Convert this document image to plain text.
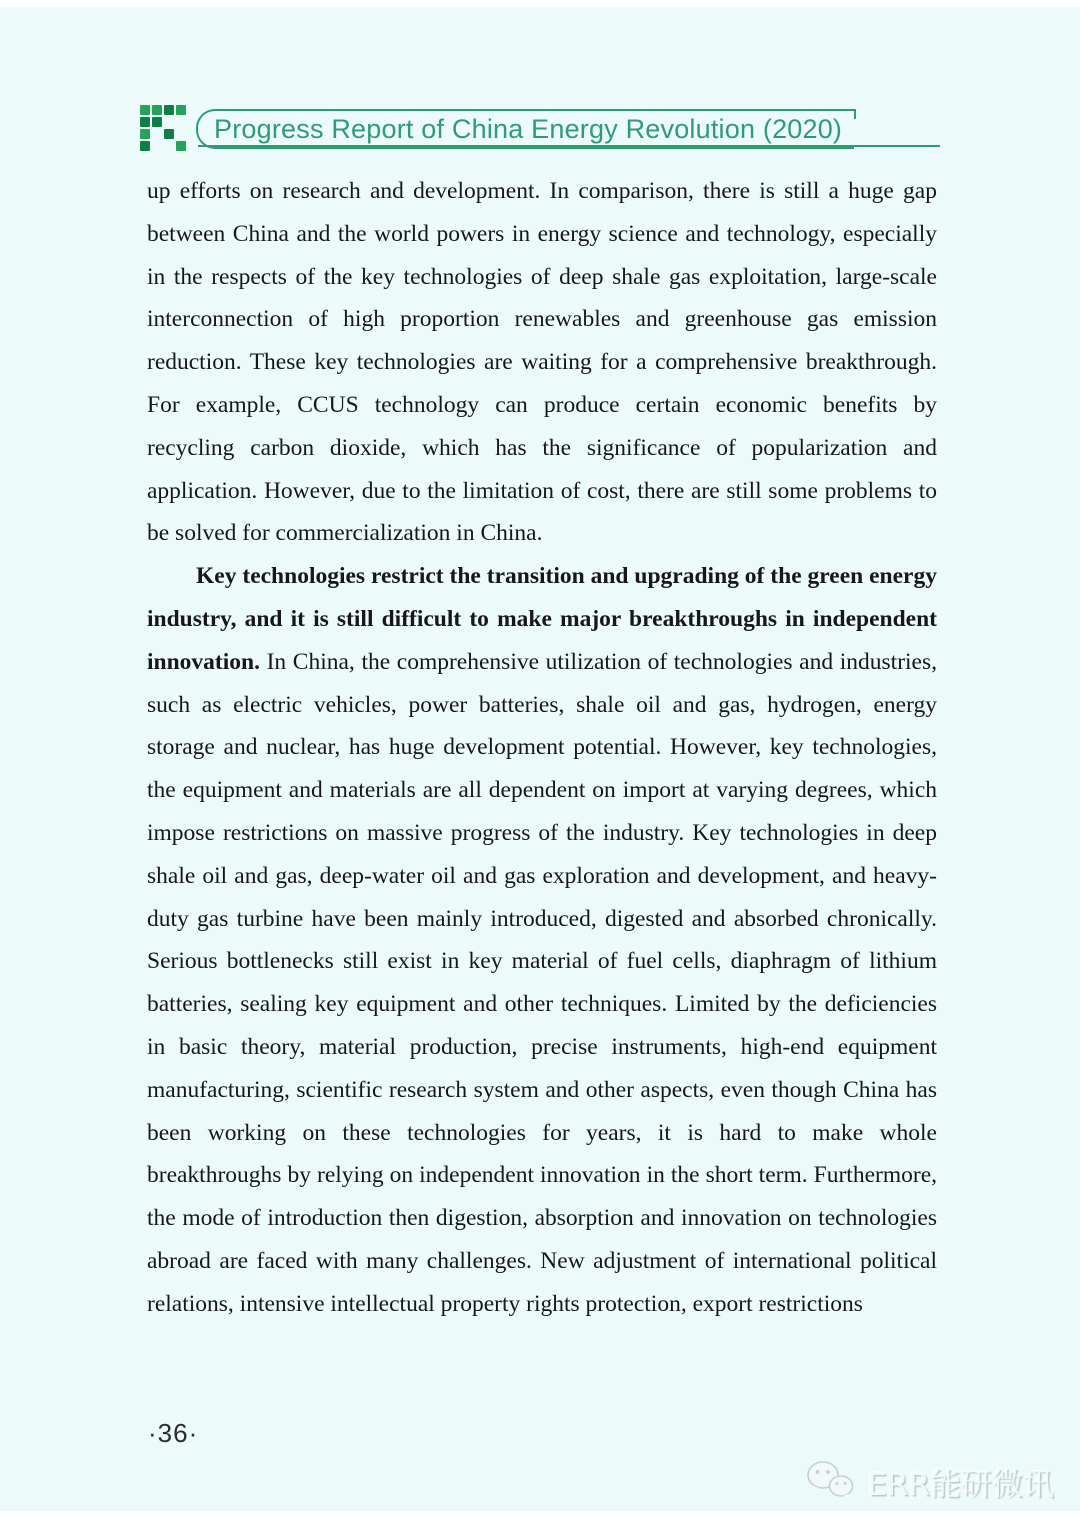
Progress Report of China Energy Revolution (2020)

up efforts on research and development. In comparison, there is still a huge gap between China and the world powers in energy science and technology, especially in the respects of the key technologies of deep shale gas exploitation, large-scale interconnection of high proportion renewables and greenhouse gas emission reduction. These key technologies are waiting for a comprehensive breakthrough. For example, CCUS technology can produce certain economic benefits by recycling carbon dioxide, which has the significance of popularization and application. However, due to the limitation of cost, there are still some problems to be solved for commercialization in China.

Key technologies restrict the transition and upgrading of the green energy industry, and it is still difficult to make major breakthroughs in independent innovation. In China, the comprehensive utilization of technologies and industries, such as electric vehicles, power batteries, shale oil and gas, hydrogen, energy storage and nuclear, has huge development potential. However, key technologies, the equipment and materials are all dependent on import at varying degrees, which impose restrictions on massive progress of the industry. Key technologies in deep shale oil and gas, deep-water oil and gas exploration and development, and heavy-duty gas turbine have been mainly introduced, digested and absorbed chronically. Serious bottlenecks still exist in key material of fuel cells, diaphragm of lithium batteries, sealing key equipment and other techniques. Limited by the deficiencies in basic theory, material production, precise instruments, high-end equipment manufacturing, scientific research system and other aspects, even though China has been working on these technologies for years, it is hard to make whole breakthroughs by relying on independent innovation in the short term. Furthermore, the mode of introduction then digestion, absorption and innovation on technologies abroad are faced with many challenges. New adjustment of international political relations, intensive intellectual property rights protection, export restrictions

·36·
ERR能研微讯
